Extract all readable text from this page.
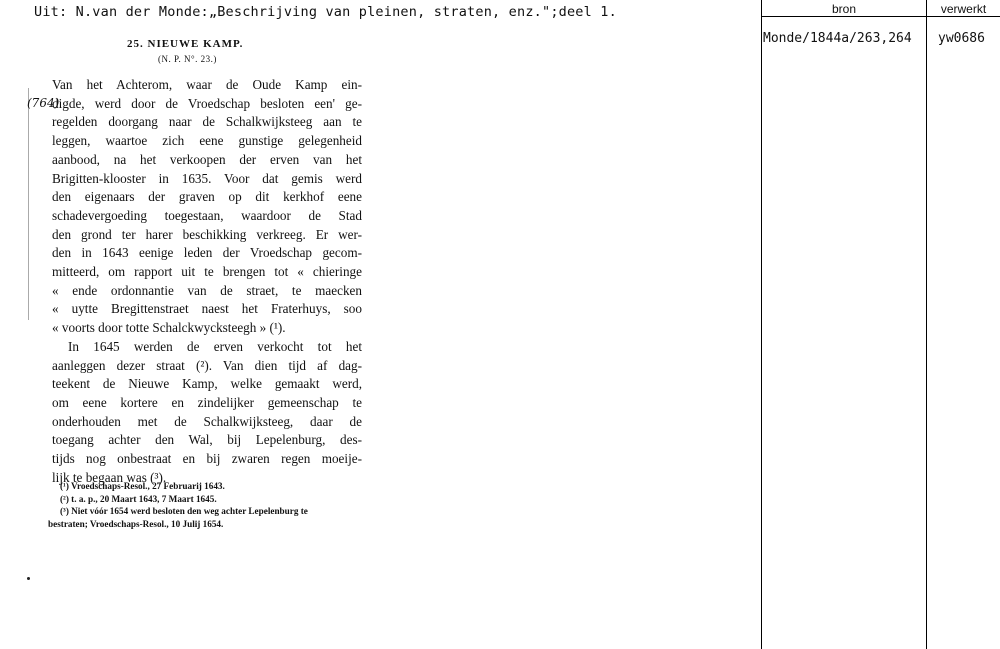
Uit: N.van der Monde:„Beschrijving van pleinen, straten, enz.";deel 1.
25. NIEUWE KAMP.
(N. P. N°. 23.)
(764)
Van het Achterom, waar de Oude Kamp ein-
digde, werd door de Vroedschap besloten een' ge-
regelden doorgang naar de Schalkwijksteeg aan te
leggen, waartoe zich eene gunstige gelegenheid
aanbood, na het verkoopen der erven van het
Brigitten-klooster in 1635. Voor dat gemis werd
den eigenaars der graven op dit kerkhof eene
schadevergoeding toegestaan, waardoor de Stad
den grond ter harer beschikking verkreeg. Er wer-
den in 1643 eenige leden der Vroedschap gecom-
mitteerd, om rapport uit te brengen tot « chieringe
« ende ordonnantie van de straet, te maecken
« uytte Bregittenstraet naest het Fraterhuys, soo
« voorts door totte Schalckwycksteegh » (¹).
In 1645 werden de erven verkocht tot het
aanleggen dezer straat (²). Van dien tijd af dag-
teekent de Nieuwe Kamp, welke gemaakt werd,
om eene kortere en zindelijker gemeenschap te
onderhouden met de Schalkwijksteeg, daar de
toegang achter den Wal, bij Lepelenburg, des-
tijds nog onbestraat en bij zwaren regen moeije-
lijk te begaan was (³).
(¹) Vroedschaps-Resol., 27 Februarij 1643.
(²) t. a. p., 20 Maart 1643, 7 Maart 1645.
(³) Niet vóór 1654 werd besloten den weg achter Lepelenburg te
bestraten; Vroedschaps-Resol., 10 Julij 1654.
bron	verwerkt
Monde/1844a/263,264 yw0686
